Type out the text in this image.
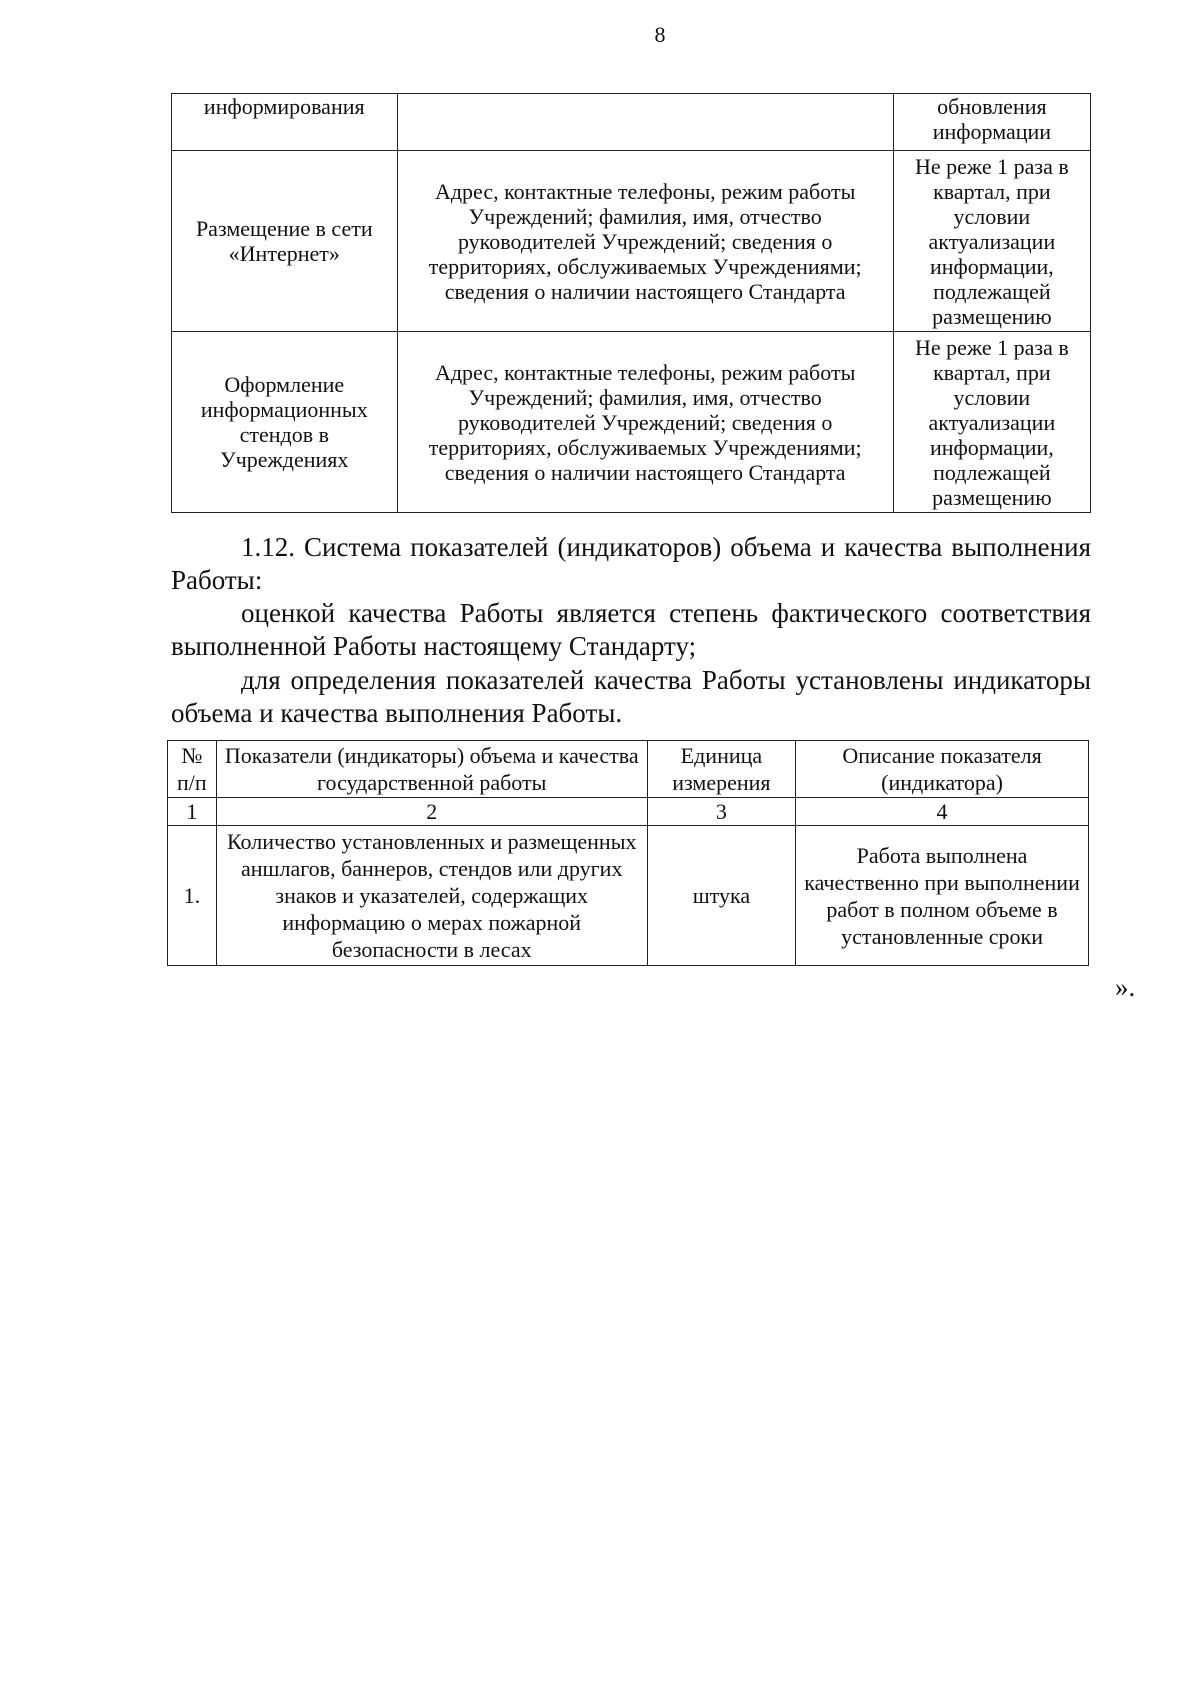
8
информирования		обновления информации
Размещение в сети «Интернет»	Адрес, контактные телефоны, режим работы Учреждений; фамилия, имя, отчество руководителей Учреждений; сведения о территориях, обслуживаемых Учреждениями; сведения о наличии настоящего Стандарта	Не реже 1 раза в квартал, при условии актуализации информации, подлежащей размещению
Оформление информационных стендов в Учреждениях	Адрес, контактные телефоны, режим работы Учреждений; фамилия, имя, отчество руководителей Учреждений; сведения о территориях, обслуживаемых Учреждениями; сведения о наличии настоящего Стандарта	Не реже 1 раза в квартал, при условии актуализации информации, подлежащей размещению
1.12. Система показателей (индикаторов) объема и качества выполнения
Работы:
оценкой качества Работы является степень фактического соответствия
выполненной Работы настоящему Стандарту;
для определения показателей качества Работы установлены индикаторы
объема и качества выполнения Работы.
№ п/п	Показатели (индикаторы) объема и качества государственной работы	Единица измерения	Описание показателя (индикатора)
1	2	3	4
1.	Количество установленных и размещенных аншлагов, баннеров, стендов или других знаков и указателей, содержащих информацию о мерах пожарной безопасности в лесах	штука	Работа выполнена качественно при выполнении работ в полном объеме в установленные сроки
».
